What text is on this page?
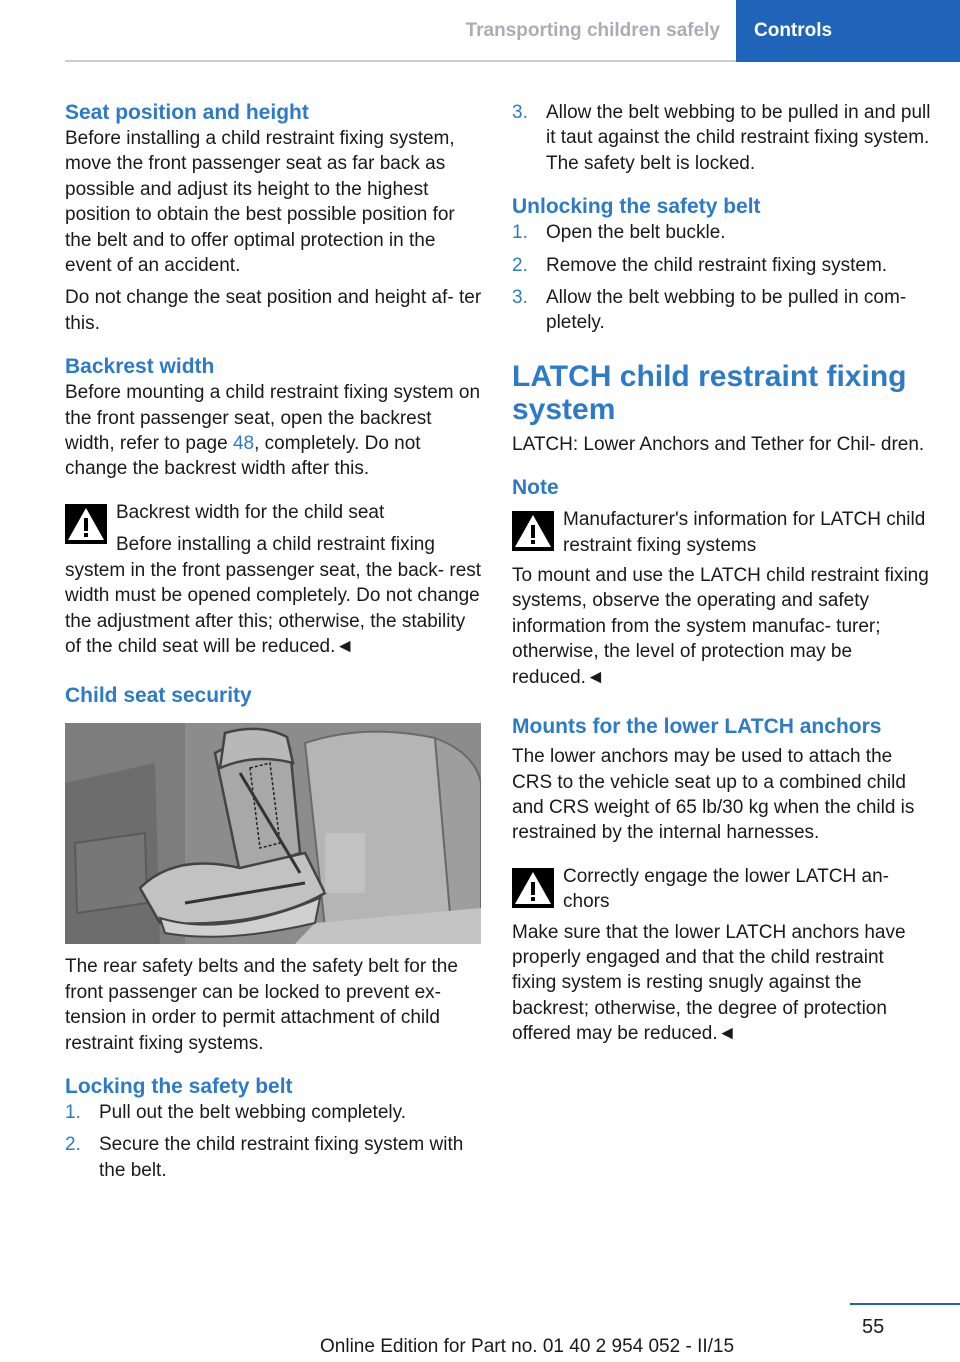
Transporting children safely	Controls
Seat position and height

Before installing a child restraint fixing system, move the front passenger seat as far back as possible and adjust its height to the highest position to obtain the best possible position for the belt and to offer optimal protection in the event of an accident.

Do not change the seat position and height af- ter this.

Backrest width

Before mounting a child restraint fixing system on the front passenger seat, open the backrest width, refer to page 48, completely. Do not change the backrest width after this.

Backrest width for the child seat

Before installing a child restraint fixing system in the front passenger seat, the back- rest width must be opened completely. Do not change the adjustment after this; otherwise, the stability of the child seat will be reduced.◄

Child seat security

The rear safety belts and the safety belt for the front passenger can be locked to prevent ex- tension in order to permit attachment of child restraint fixing systems.

Locking the safety belt
1. Pull out the belt webbing completely.
2. Secure the child restraint fixing system with the belt.
3. Allow the belt webbing to be pulled in and pull it taut against the child restraint fixing system. The safety belt is locked.
Unlocking the safety belt
1. Open the belt buckle.
2. Remove the child restraint fixing system.
3. Allow the belt webbing to be pulled in com- pletely.
LATCH child restraint fixing system

LATCH: Lower Anchors and Tether for Chil- dren.

Note

Manufacturer's information for LATCH child restraint fixing systems

To mount and use the LATCH child restraint fixing systems, observe the operating and safety information from the system manufac- turer; otherwise, the level of protection may be reduced.◄

Mounts for the lower LATCH anchors

The lower anchors may be used to attach the CRS to the vehicle seat up to a combined child and CRS weight of 65 lb/30 kg when the child is restrained by the internal harnesses.

Correctly engage the lower LATCH an- chors

Make sure that the lower LATCH anchors have properly engaged and that the child restraint fixing system is resting snugly against the backrest; otherwise, the degree of protection offered may be reduced.◄

55
Online Edition for Part no. 01 40 2 954 052 - II/15
